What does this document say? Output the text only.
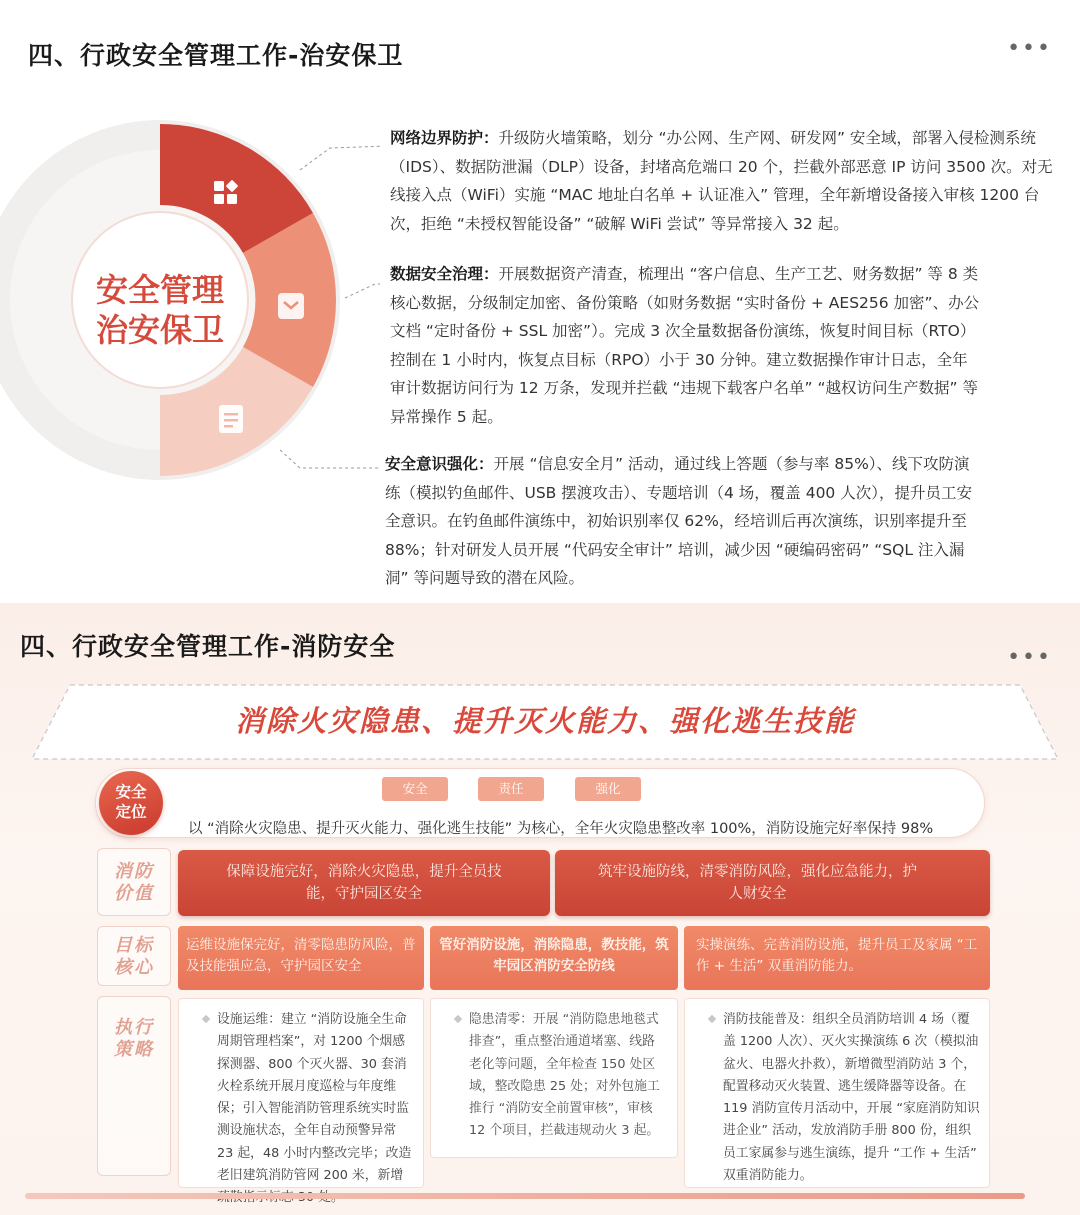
四、行政安全管理工作-治安保卫	•••
安全管理
治安保卫
网络边界防护：升级防火墙策略，划分 “办公网、生产网、研发网” 安全域，部署入侵检测系统（IDS）、数据防泄漏（DLP）设备，封堵高危端口 20 个，拦截外部恶意 IP 访问 3500 次。对无线接入点（WiFi）实施 “MAC 地址白名单 + 认证准入” 管理，全年新增设备接入审核 1200 台次，拒绝 “未授权智能设备” “破解 WiFi 尝试” 等异常接入 32 起。
数据安全治理：开展数据资产清查，梳理出 “客户信息、生产工艺、财务数据” 等 8 类核心数据，分级制定加密、备份策略（如财务数据 “实时备份 + AES256 加密”、办公文档 “定时备份 + SSL 加密”）。完成 3 次全量数据备份演练，恢复时间目标（RTO）控制在 1 小时内，恢复点目标（RPO）小于 30 分钟。建立数据操作审计日志，全年审计数据访问行为 12 万条，发现并拦截 “违规下载客户名单” “越权访问生产数据” 等异常操作 5 起。
安全意识强化：开展 “信息安全月” 活动，通过线上答题（参与率 85%）、线下攻防演练（模拟钓鱼邮件、USB 摆渡攻击）、专题培训（4 场，覆盖 400 人次），提升员工安全意识。在钓鱼邮件演练中，初始识别率仅 62%，经培训后再次演练，识别率提升至 88%；针对研发人员开展 “代码安全审计” 培训，减少因 “硬编码密码” “SQL 注入漏洞” 等问题导致的潜在风险。
四、行政安全管理工作-消防安全	•••
消除火灾隐患、提升灭火能力、强化逃生技能
安全
定位
安全	责任	强化
以 “消除火灾隐患、提升灭火能力、强化逃生技能” 为核心，全年火灾隐患整改率 100%，消防设施完好率保持 98%
消防
价值
目标
核心
执行
策略
保障设施完好，消除火灾隐患，提升全员技能，守护园区安全
筑牢设施防线，清零消防风险，强化应急能力，护人财安全
运维设施保完好，清零隐患防风险，普及技能强应急，守护园区安全
管好消防设施，消除隐患，教技能，筑牢园区消防安全防线
实操演练、完善消防设施，提升员工及家属 “工作 + 生活” 双重消防能力。
设施运维：建立 “消防设施全生命周期管理档案”，对 1200 个烟感探测器、800 个灭火器、30 套消火栓系统开展月度巡检与年度维保；引入智能消防管理系统实时监测设施状态，全年自动预警异常 23 起，48 小时内整改完毕；改造老旧建筑消防管网 200 米，新增
隐患清零：开展 “消防隐患地毯式排查”，重点整治通道堵塞、线路老化等问题，全年检查 150 处区域，整改隐患 25 处；对外包施工推行 “消防安全前置审核”，审核 12 个项目，拦截违规动火 3 起。
消防技能普及：组织全员消防培训 4 场（覆盖 1200 人次）、灭火实操演练 6 次（模拟油盆火、电器火扑救），新增微型消防站 3 个，配置移动灭火装置、逃生缓降器等设备。在 119 消防宣传月活动中，开展 “家庭消防知识进企业” 活动，发放消防手册 800 份，组织员工家属参与逃生演练，提升 “工作 + 生活” 双重消防能力。
